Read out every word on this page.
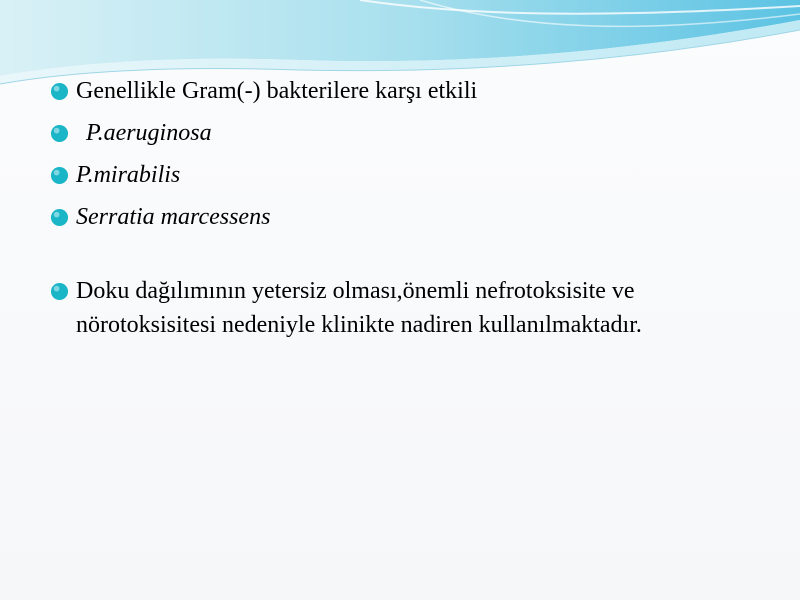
Genellikle Gram(-) bakterilere karşı etkili
P.aeruginosa
P.mirabilis
Serratia marcessens
Doku dağılımının yetersiz olması,önemli nefrotoksisite ve nörotoksisitesi nedeniyle klinikte nadiren kullanılmaktadır.
